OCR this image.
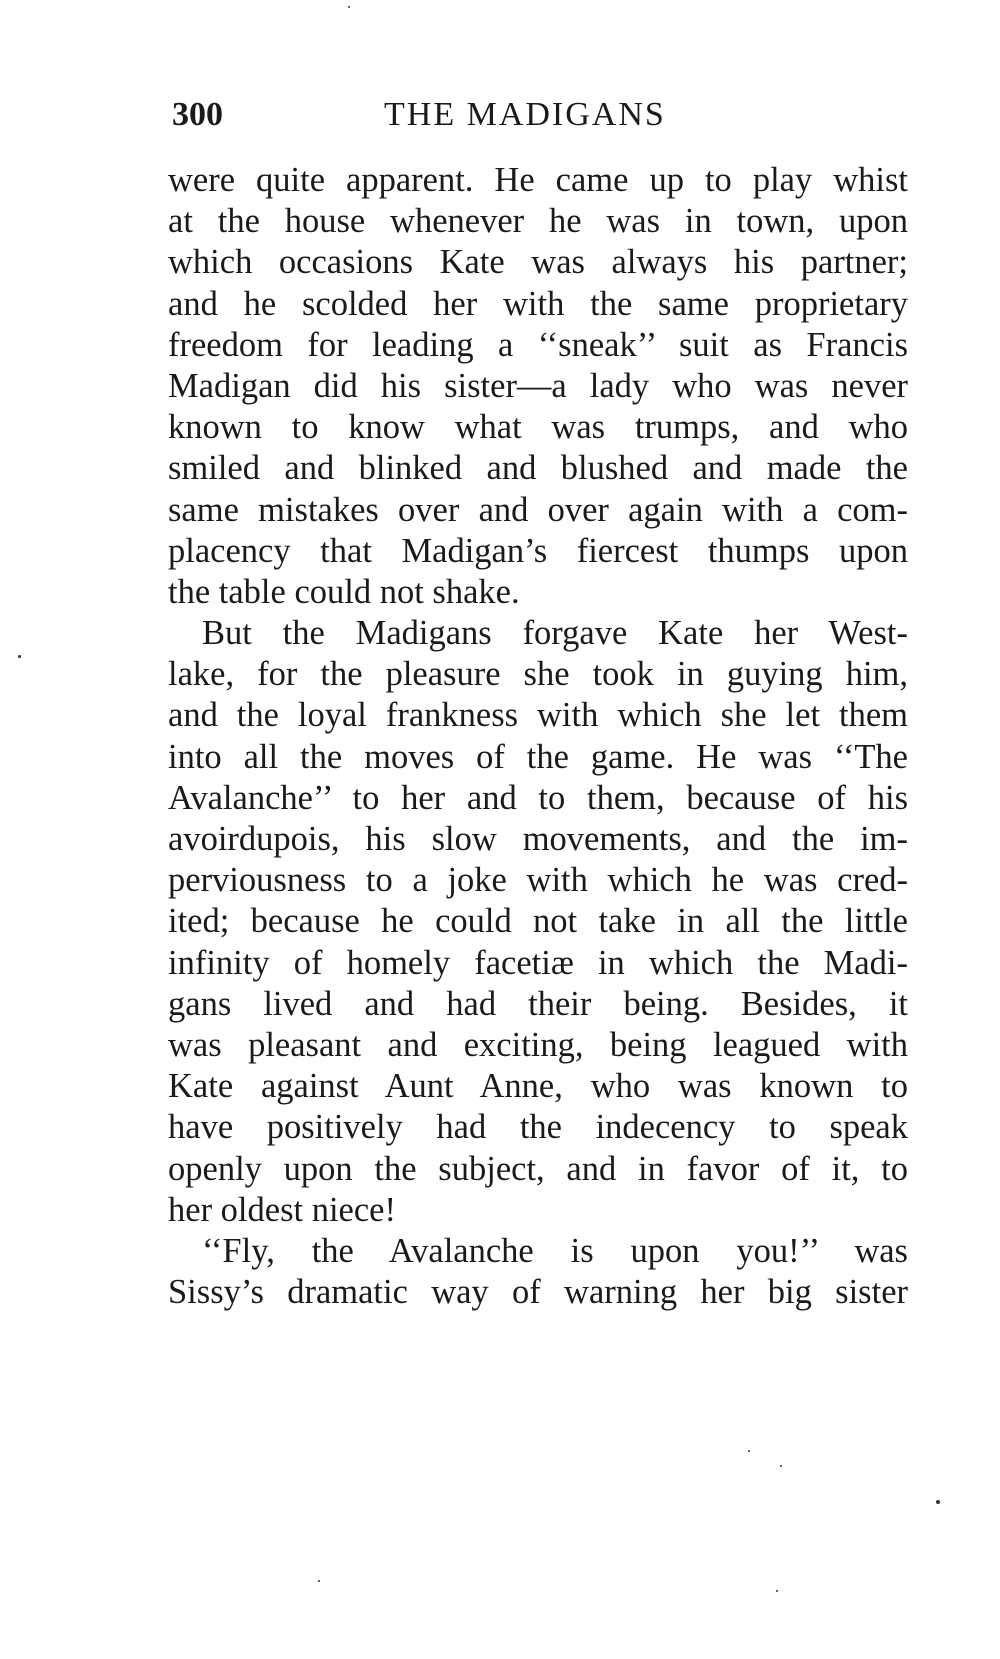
300	THE MADIGANS
were quite apparent. He came up to play whist
at the house whenever he was in town, upon
which occasions Kate was always his partner;
and he scolded her with the same proprietary
freedom for leading a ‘‘sneak’’ suit as Francis
Madigan did his sister—a lady who was never
known to know what was trumps, and who
smiled and blinked and blushed and made the
same mistakes over and over again with a com-
placency that Madigan’s fiercest thumps upon
the table could not shake.
But the Madigans forgave Kate her West-
lake, for the pleasure she took in guying him,
and the loyal frankness with which she let them
into all the moves of the game. He was ‘‘The
Avalanche’’ to her and to them, because of his
avoirdupois, his slow movements, and the im-
perviousness to a joke with which he was cred-
ited; because he could not take in all the little
infinity of homely facetiæ in which the Madi-
gans lived and had their being. Besides, it
was pleasant and exciting, being leagued with
Kate against Aunt Anne, who was known to
have positively had the indecency to speak
openly upon the subject, and in favor of it, to
her oldest niece!
‘‘Fly, the Avalanche is upon you!’’ was
Sissy’s dramatic way of warning her big sister
